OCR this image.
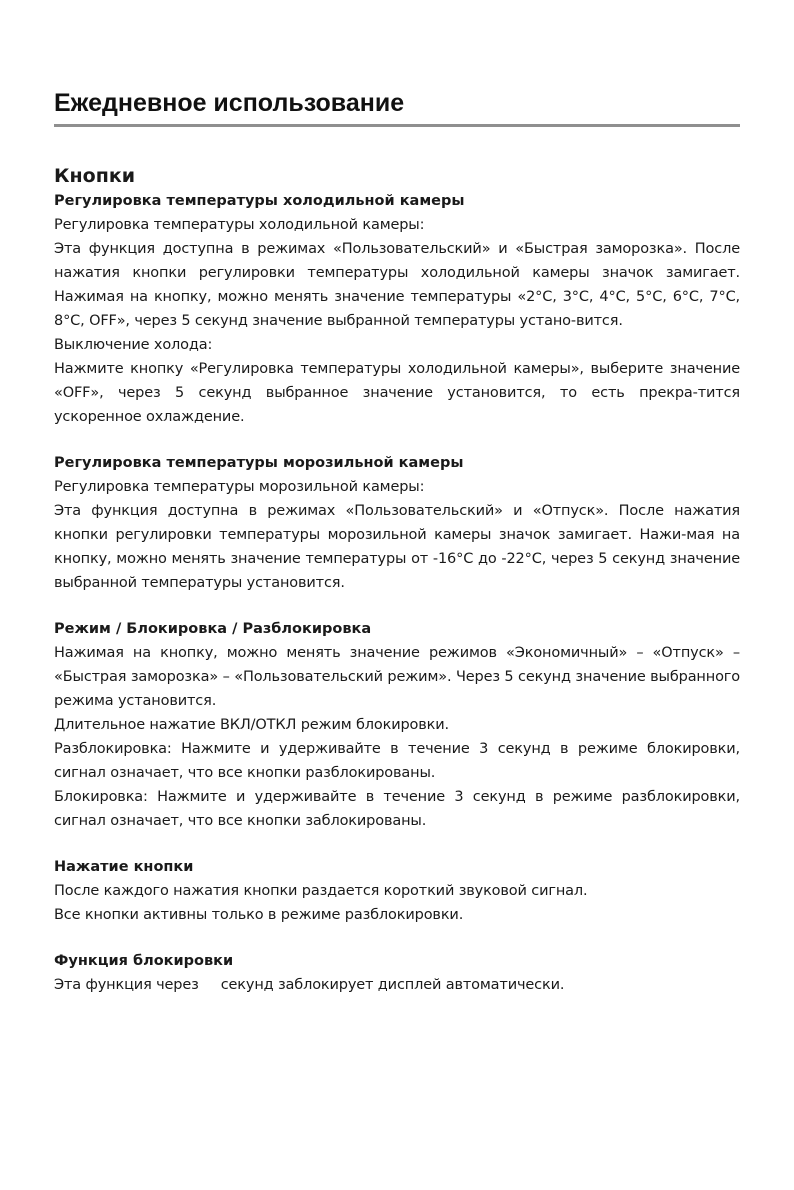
Ежедневное использование
Кнопки
Регулировка температуры холодильной камеры

Регулировка температуры холодильной камеры:

Эта функция доступна в режимах «Пользовательский» и «Быстрая заморозка». После нажатия кнопки регулировки температуры холодильной камеры значок замигает. Нажимая на кнопку, можно менять значение температуры «2°C, 3°C, 4°C, 5°C, 6°C, 7°C, 8°C, OFF», через 5 секунд значение выбранной температуры устано-вится.

Выключение холода:

Нажмите кнопку «Регулировка температуры холодильной камеры», выберите значение «OFF», через 5 секунд выбранное значение установится, то есть прекра-тится ускоренное охлаждение.

Регулировка температуры морозильной камеры

Регулировка температуры морозильной камеры:

Эта функция доступна в режимах «Пользовательский» и «Отпуск». После нажатия кнопки регулировки температуры морозильной камеры значок замигает. Нажи-мая на кнопку, можно менять значение температуры от -16°C до -22°C, через 5 секунд значение выбранной температуры установится.

Режим / Блокировка / Разблокировка

Нажимая на кнопку, можно менять значение режимов «Экономичный» – «Отпуск» – «Быстрая заморозка» – «Пользовательский режим». Через 5 секунд значение выбранного режима установится.

Длительное нажатие ВКЛ/ОТКЛ режим блокировки.

Разблокировка: Нажмите и удерживайте в течение 3 секунд в режиме блокировки, сигнал означает, что все кнопки разблокированы.

Блокировка: Нажмите и удерживайте в течение 3 секунд в режиме разблокировки, сигнал означает, что все кнопки заблокированы.

Нажатие кнопки

После каждого нажатия кнопки раздается короткий звуковой сигнал.

Все кнопки активны только в режиме разблокировки.

Функция блокировки

Эта функция через секунд заблокирует дисплей автоматически.
